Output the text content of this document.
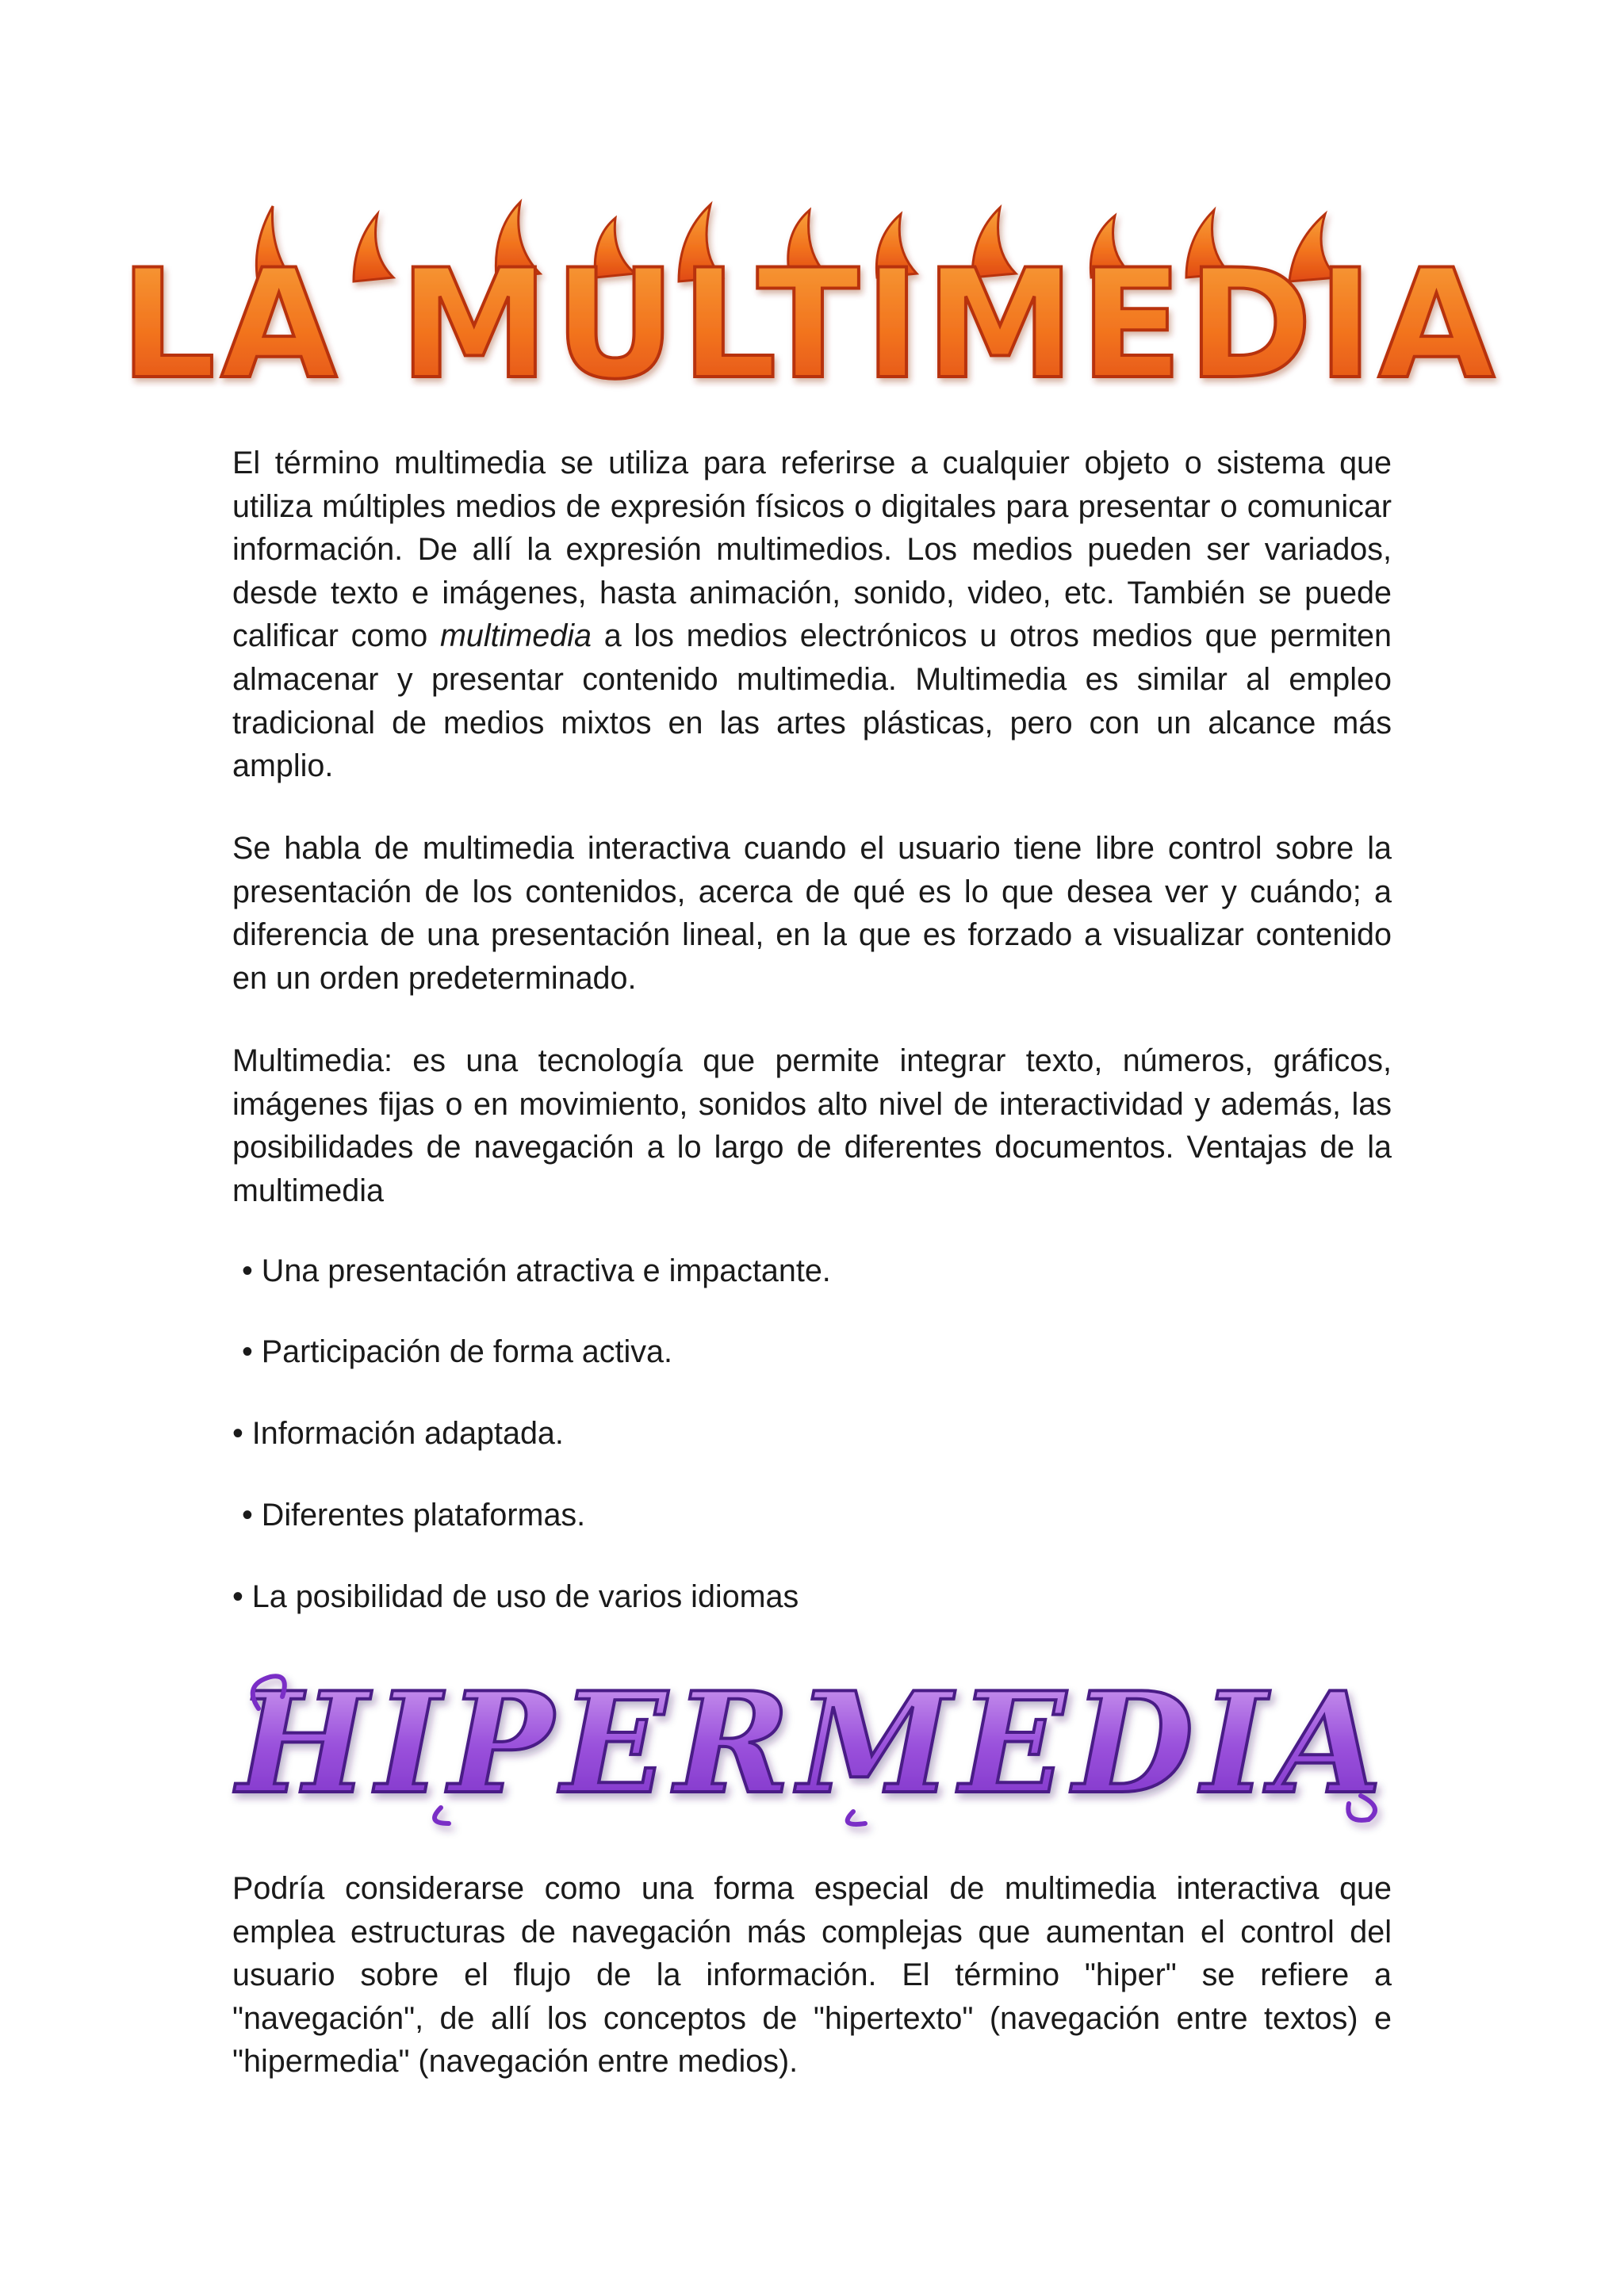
LA MULTIMEDIA

El término multimedia se utiliza para referirse a cualquier objeto o sistema que utiliza múltiples medios de expresión físicos o digitales para presentar o comunicar información. De allí la expresión multimedios. Los medios pueden ser variados, desde texto e imágenes, hasta animación, sonido, video, etc. También se puede calificar como multimedia a los medios electrónicos u otros medios que permiten almacenar y presentar contenido multimedia. Multimedia es similar al empleo tradicional de medios mixtos en las artes plásticas, pero con un alcance más amplio.

Se habla de multimedia interactiva cuando el usuario tiene libre control sobre la presentación de los contenidos, acerca de qué es lo que desea ver y cuándo; a diferencia de una presentación lineal, en la que es forzado a visualizar contenido en un orden predeterminado.

Multimedia: es una tecnología que permite integrar texto, números, gráficos, imágenes fijas o en movimiento, sonidos alto nivel de interactividad y además, las posibilidades de navegación a lo largo de diferentes documentos. Ventajas de la multimedia

• Una presentación atractiva e impactante.

• Participación de forma activa.

• Información adaptada.

• Diferentes plataformas.

• La posibilidad de uso de varios idiomas

HIPERMEDIA

Podría considerarse como una forma especial de multimedia interactiva que emplea estructuras de navegación más complejas que aumentan el control del usuario sobre el flujo de la información. El término "hiper" se refiere a "navegación", de allí los conceptos de "hipertexto" (navegación entre textos) e "hipermedia" (navegación entre medios).
